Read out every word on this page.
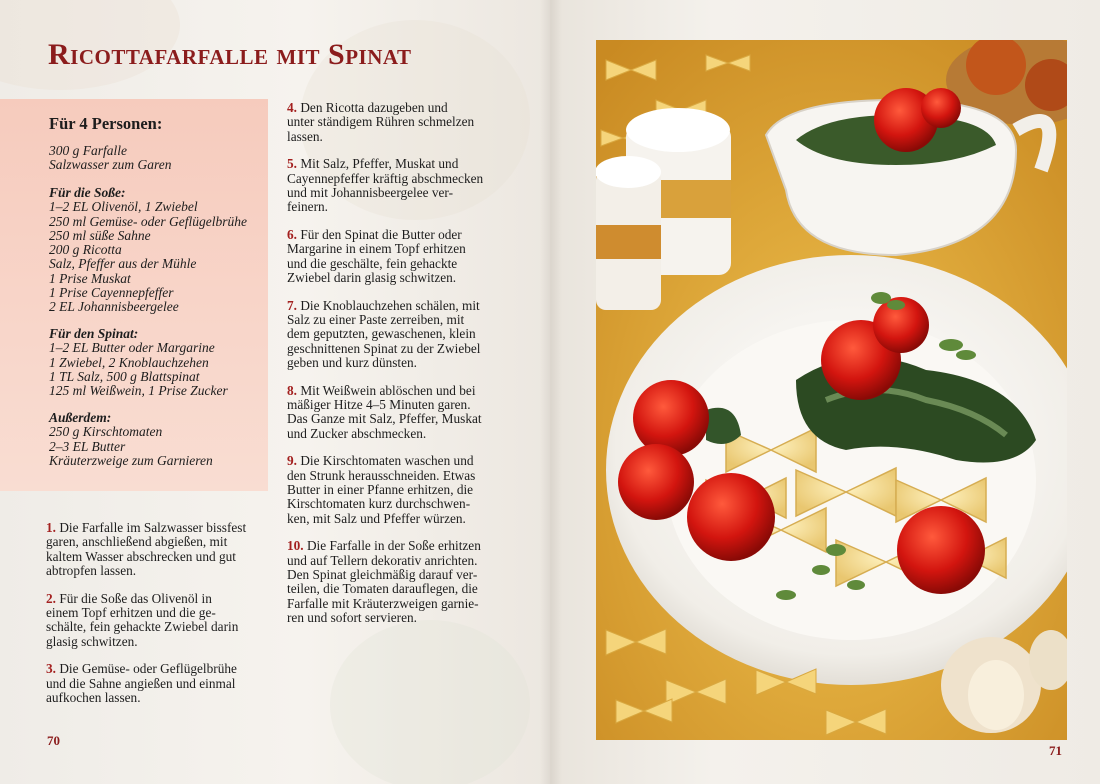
Ricottafarfalle mit Spinat
Für 4 Personen:
300 g Farfalle
Salzwasser zum Garen
Für die Soße:
1–2 EL Olivenöl, 1 Zwiebel
250 ml Gemüse- oder Geflügelbrühe
250 ml süße Sahne
200 g Ricotta
Salz, Pfeffer aus der Mühle
1 Prise Muskat
1 Prise Cayennepfeffer
2 EL Johannisbeergelee
Für den Spinat:
1–2 EL Butter oder Margarine
1 Zwiebel, 2 Knoblauchzehen
1 TL Salz, 500 g Blattspinat
125 ml Weißwein, 1 Prise Zucker
Außerdem:
250 g Kirschtomaten
2–3 EL Butter
Kräuterzweige zum Garnieren
1. Die Farfalle im Salzwasser bissfest
garen, anschließend abgießen, mit
kaltem Wasser abschrecken und gut
abtropfen lassen.
2. Für die Soße das Olivenöl in
einem Topf erhitzen und die ge-
schälte, fein gehackte Zwiebel darin
glasig schwitzen.
3. Die Gemüse- oder Geflügelbrühe
und die Sahne angießen und einmal
aufkochen lassen.
4. Den Ricotta dazugeben und
unter ständigem Rühren schmelzen
lassen.
5. Mit Salz, Pfeffer, Muskat und
Cayennepfeffer kräftig abschmecken
und mit Johannisbeergelee ver-
feinern.
6. Für den Spinat die Butter oder
Margarine in einem Topf erhitzen
und die geschälte, fein gehackte
Zwiebel darin glasig schwitzen.
7. Die Knoblauchzehen schälen, mit
Salz zu einer Paste zerreiben, mit
dem geputzten, gewaschenen, klein
geschnittenen Spinat zu der Zwiebel
geben und kurz dünsten.
8. Mit Weißwein ablöschen und bei
mäßiger Hitze 4–5 Minuten garen.
Das Ganze mit Salz, Pfeffer, Muskat
und Zucker abschmecken.
9. Die Kirschtomaten waschen und
den Strunk herausschneiden. Etwas
Butter in einer Pfanne erhitzen, die
Kirschtomaten kurz durchschwen-
ken, mit Salz und Pfeffer würzen.
10. Die Farfalle in der Soße erhitzen
und auf Tellern dekorativ anrichten.
Den Spinat gleichmäßig darauf ver-
teilen, die Tomaten darauflegen, die
Farfalle mit Kräuterzweigen garnie-
ren und sofort servieren.
70
71
